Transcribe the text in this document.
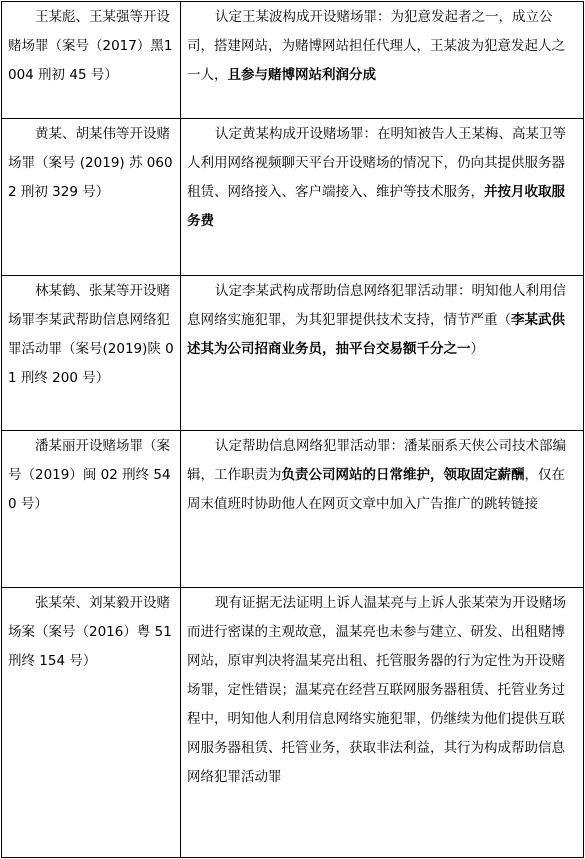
王某彪、王某强等开设赌场罪（案号（2017）黑1004 刑初 45 号）	认定王某波构成开设赌场罪：为犯意发起者之一，成立公司，搭建网站，为赌博网站担任代理人，王某波为犯意发起人之一人，且参与赌博网站利润分成
黄某、胡某伟等开设赌场罪（案号 (2019) 苏 0602 刑初 329 号）	认定黄某构成开设赌场罪：在明知被告人王某梅、高某卫等人利用网络视频聊天平台开设赌场的情况下，仍向其提供服务器租赁、网络接入、客户端接入、维护等技术服务，并按月收取服务费
林某鹤、张某等开设赌场罪李某武帮助信息网络犯罪活动罪（案号(2019)陕 01 刑终 200 号）	认定李某武构成帮助信息网络犯罪活动罪：明知他人利用信息网络实施犯罪，为其犯罪提供技术支持，情节严重（李某武供述其为公司招商业务员，抽平台交易额千分之一）
潘某丽开设赌场罪（案号（2019）闽 02 刑终 540 号）	认定帮助信息网络犯罪活动罪：潘某丽系天侠公司技术部编辑，工作职责为负责公司网站的日常维护，领取固定薪酬，仅在周末值班时协助他人在网页文章中加入广告推广的跳转链接
张某荣、刘某毅开设赌场案（案号（2016）粤 51 刑终 154 号）	现有证据无法证明上诉人温某亮与上诉人张某荣为开设赌场而进行密谋的主观故意，温某亮也未参与建立、研发、出租赌博网站，原审判决将温某亮出租、托管服务器的行为定性为开设赌场罪，定性错误；温某亮在经营互联网服务器租赁、托管业务过程中，明知他人利用信息网络实施犯罪，仍继续为他们提供互联网服务器租赁、托管业务，获取非法利益，其行为构成帮助信息网络犯罪活动罪
